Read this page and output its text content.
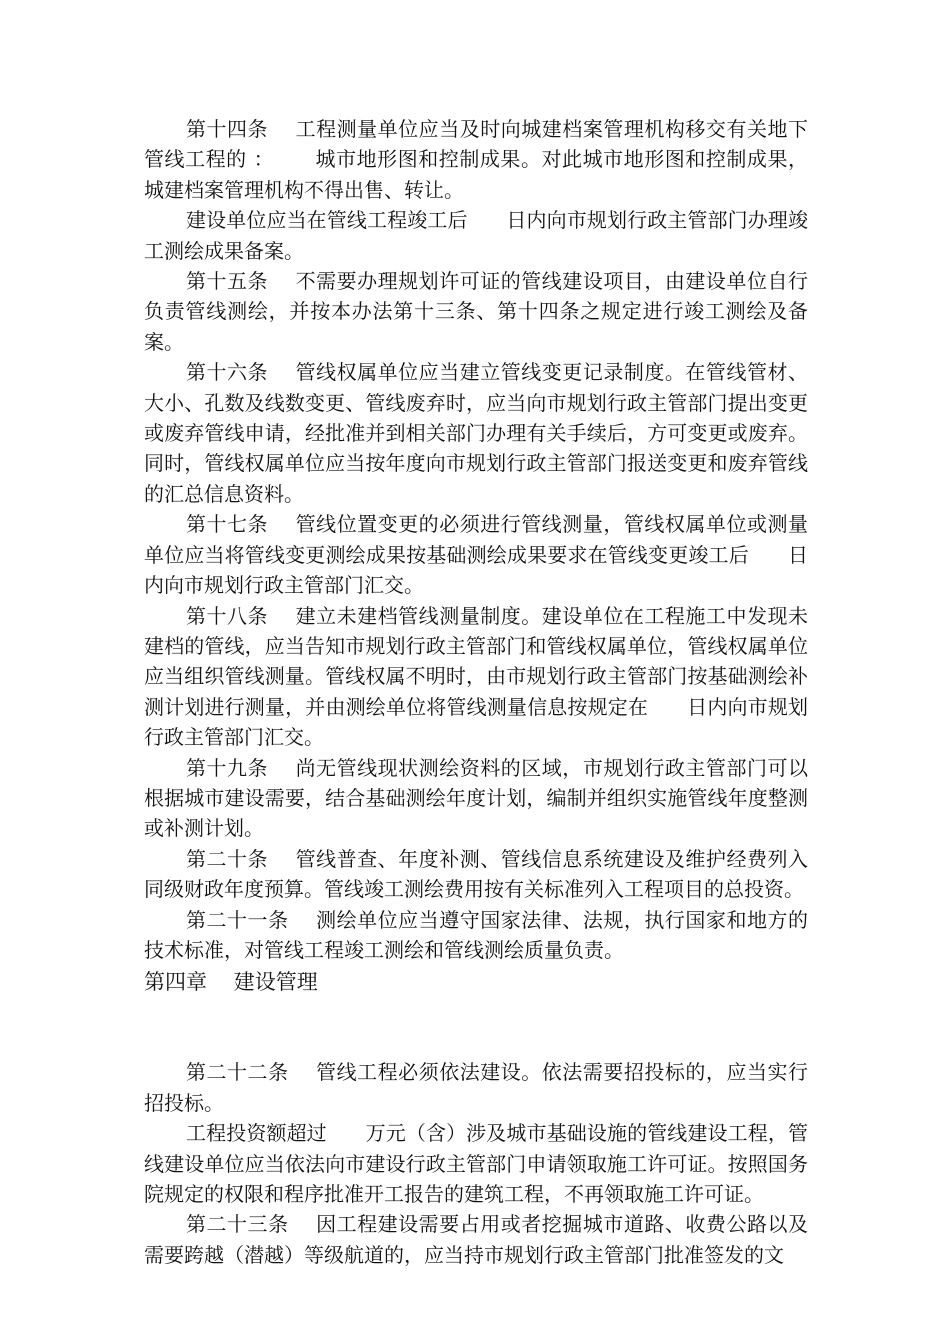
第十四条    工程测量单位应当及时向城建档案管理机构移交有关地下管线工程的 ：      城市地形图和控制成果。对此城市地形图和控制成果，城建档案管理机构不得出售、转让。

建设单位应当在管线工程竣工后      日内向市规划行政主管部门办理竣工测绘成果备案。

第十五条    不需要办理规划许可证的管线建设项目，由建设单位自行负责管线测绘，并按本办法第十三条、第十四条之规定进行竣工测绘及备案。

第十六条    管线权属单位应当建立管线变更记录制度。在管线管材、大小、孔数及线数变更、管线废弃时，应当向市规划行政主管部门提出变更或废弃管线申请，经批准并到相关部门办理有关手续后，方可变更或废弃。同时，管线权属单位应当按年度向市规划行政主管部门报送变更和废弃管线的汇总信息资料。

第十七条    管线位置变更的必须进行管线测量，管线权属单位或测量单位应当将管线变更测绘成果按基础测绘成果要求在管线变更竣工后      日内向市规划行政主管部门汇交。

第十八条    建立未建档管线测量制度。建设单位在工程施工中发现未建档的管线，应当告知市规划行政主管部门和管线权属单位，管线权属单位应当组织管线测量。管线权属不明时，由市规划行政主管部门按基础测绘补测计划进行测量，并由测绘单位将管线测量信息按规定在      日内向市规划行政主管部门汇交。

第十九条    尚无管线现状测绘资料的区域，市规划行政主管部门可以根据城市建设需要，结合基础测绘年度计划，编制并组织实施管线年度整测或补测计划。

第二十条    管线普查、年度补测、管线信息系统建设及维护经费列入同级财政年度预算。管线竣工测绘费用按有关标准列入工程项目的总投资。

第二十一条    测绘单位应当遵守国家法律、法规，执行国家和地方的技术标准，对管线工程竣工测绘和管线测绘质量负责。

第四章    建设管理

第二十二条    管线工程必须依法建设。依法需要招投标的，应当实行招投标。

工程投资额超过      万元（含）涉及城市基础设施的管线建设工程，管线建设单位应当依法向市建设行政主管部门申请领取施工许可证。按照国务院规定的权限和程序批准开工报告的建筑工程，不再领取施工许可证。

第二十三条    因工程建设需要占用或者挖掘城市道路、收费公路以及需要跨越（潜越）等级航道的，应当持市规划行政主管部门批准签发的文
